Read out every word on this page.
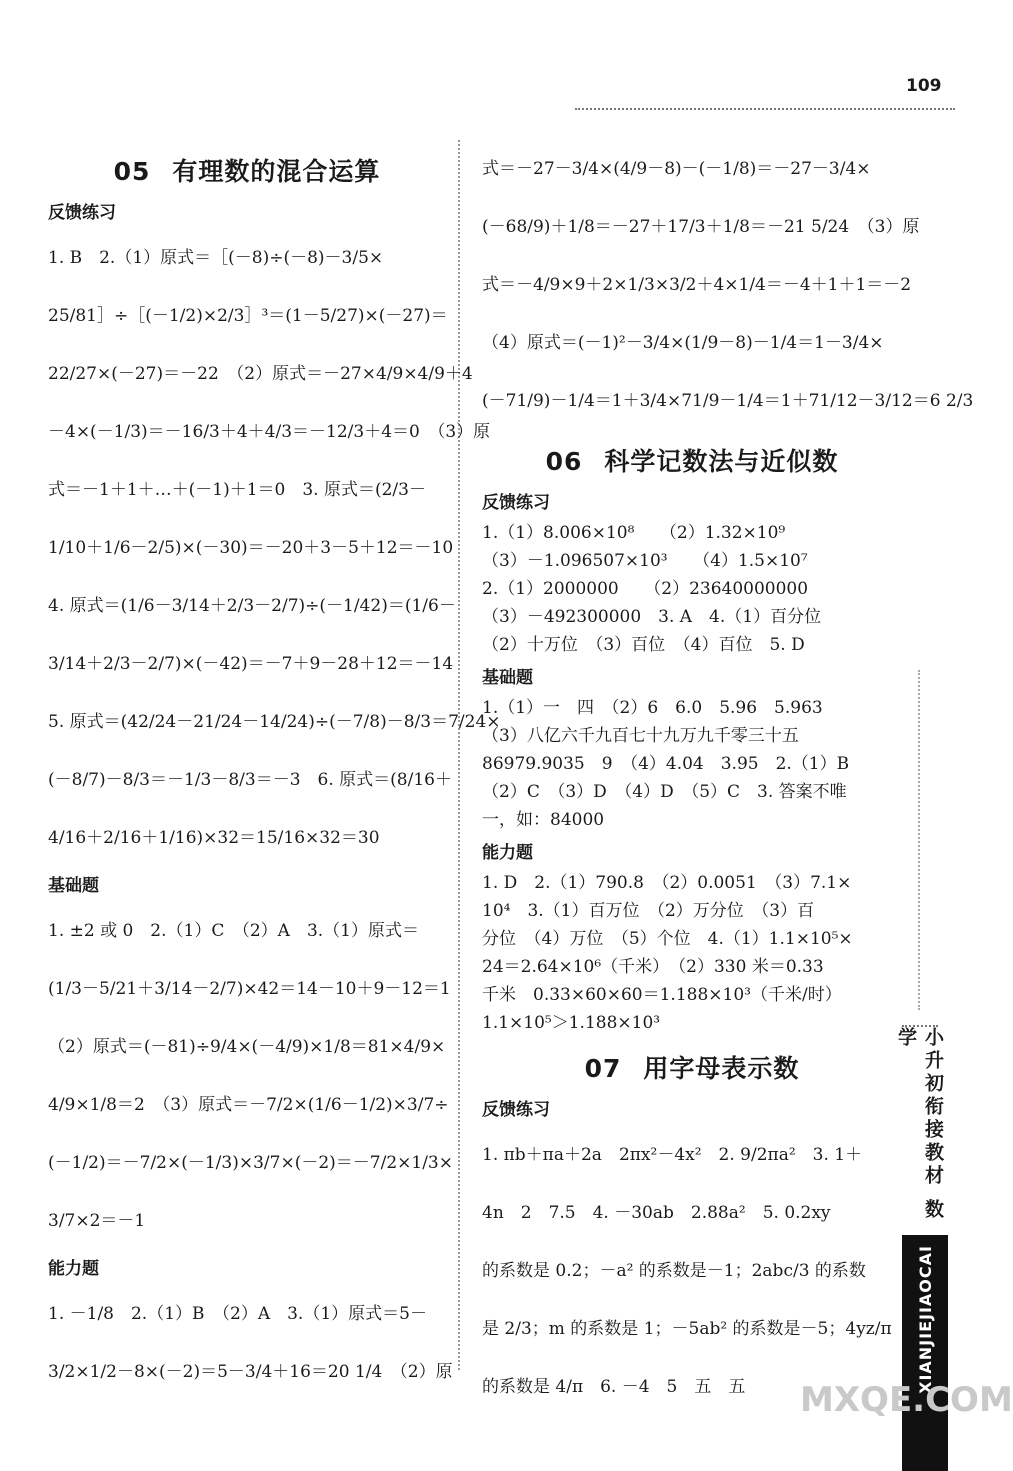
109
05 有理数的混合运算
反馈练习

1. B　2.（1）原式＝［(－8)÷(－8)－3/5×

25/81］÷［(－1/2)×2/3］³＝(1－5/27)×(－27)＝

22/27×(－27)＝－22　（2）原式＝－27×4/9×4/9＋4

－4×(－1/3)＝－16/3＋4＋4/3＝－12/3＋4＝0　（3）原

式＝－1＋1＋…＋(－1)＋1＝0　3. 原式＝(2/3－

1/10＋1/6－2/5)×(－30)＝－20＋3－5＋12＝－10

4. 原式＝(1/6－3/14＋2/3－2/7)÷(－1/42)＝(1/6－

3/14＋2/3－2/7)×(－42)＝－7＋9－28＋12＝－14

5. 原式＝(42/24－21/24－14/24)÷(－7/8)－8/3＝7/24×

(－8/7)－8/3＝－1/3－8/3＝－3　6. 原式＝(8/16＋

4/16＋2/16＋1/16)×32＝15/16×32＝30

基础题

1. ±2 或 0　2.（1）C　（2）A　3.（1）原式＝

(1/3－5/21＋3/14－2/7)×42＝14－10＋9－12＝1

（2）原式＝(－81)÷9/4×(－4/9)×1/8＝81×4/9×

4/9×1/8＝2　（3）原式＝－7/2×(1/6－1/2)×3/7÷

(－1/2)＝－7/2×(－1/3)×3/7×(－2)＝－7/2×1/3×

3/7×2＝－1

能力题

1. －1/8　2.（1）B　（2）A　3.（1）原式＝5－

3/2×1/2－8×(－2)＝5－3/4＋16＝20 1/4　（2）原

式＝－27－3/4×(4/9－8)－(－1/8)＝－27－3/4×

(－68/9)＋1/8＝－27＋17/3＋1/8＝－21 5/24　（3）原

式＝－4/9×9＋2×1/3×3/2＋4×1/4＝－4＋1＋1＝－2

（4）原式＝(－1)²－3/4×(1/9－8)－1/4＝1－3/4×

(－71/9)－1/4＝1＋3/4×71/9－1/4＝1＋71/12－3/12＝6 2/3

06 科学记数法与近似数
反馈练习

1.（1）8.006×10⁸　　（2）1.32×10⁹

（3）－1.096507×10³　　（4）1.5×10⁷

2.（1）2000000　　（2）23640000000

（3）－492300000　3. A　4.（1）百分位

（2）十万位　（3）百位　（4）百位　5. D

基础题

1.（1）一　四　（2）6　6.0　5.96　5.963

（3）八亿六千九百七十九万九千零三十五

86979.9035　9　（4）4.04　3.95　2.（1）B

（2）C　（3）D　（4）D　（5）C　3. 答案不唯

一，如：84000

能力题

1. D　2.（1）790.8　（2）0.0051　（3）7.1×

10⁴　3.（1）百万位　（2）万分位　（3）百

分位　（4）万位　（5）个位　4.（1）1.1×10⁵×

24＝2.64×10⁶（千米）　（2）330 米＝0.33

千米　0.33×60×60＝1.188×10³（千米/时）

1.1×10⁵＞1.188×10³

07 用字母表示数
反馈练习

1. πb＋πa＋2a　2πx²－4x²　2. 9/2πa²　3. 1＋

4n　2　7.5　4. －30ab　2.88a²　5. 0.2xy

的系数是 0.2；－a² 的系数是－1；2abc/3 的系数

是 2/3；m 的系数是 1；－5ab² 的系数是－5；4yz/π

的系数是 4/π　6. －4　5　五　五

小升初衔接教材 数学
XIANJIEJIAOCAI
MXQE.COM
